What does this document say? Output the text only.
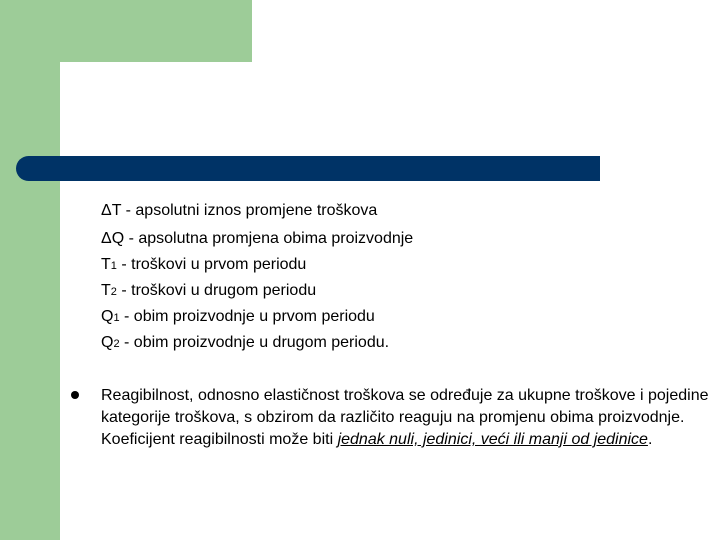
ΔT - apsolutni iznos promjene troškova
ΔQ - apsolutna promjena obima proizvodnje
T1 - troškovi u prvom periodu
T2 - troškovi u drugom periodu
Q1 - obim proizvodnje u prvom periodu
Q2 - obim proizvodnje u drugom periodu.
Reagibilnost, odnosno elastičnost troškova se određuje za ukupne troškove i pojedine kategorije troškova, s obzirom da različito reaguju na promjenu obima proizvodnje. Koeficijent reagibilnosti može biti jednak nuli, jedinici, veći ili manji od jedinice.
